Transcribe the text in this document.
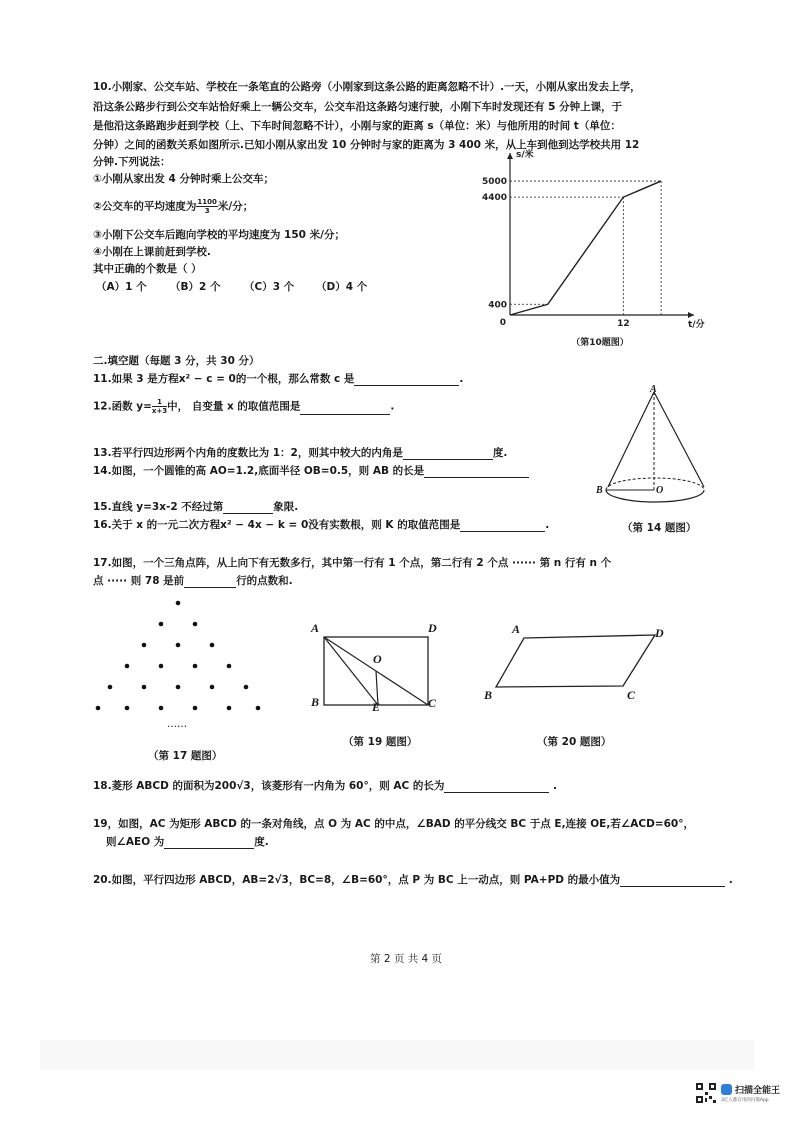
10.小刚家、公交车站、学校在一条笔直的公路旁（小刚家到这条公路的距离忽略不计）.一天，小刚从家出发去上学，
沿这条公路步行到公交车站恰好乘上一辆公交车，公交车沿这条路匀速行驶，小刚下车时发现还有 5 分钟上课，于
是他沿这条路跑步赶到学校（上、下车时间忽略不计），小刚与家的距离 s（单位：米）与他所用的时间 t（单位：
分钟）之间的函数关系如图所示.已知小刚从家出发 10 分钟时与家的距离为 3 400 米，从上车到他到达学校共用 12
分钟.下列说法：
①小刚从家出发 4 分钟时乘上公交车；
②公交车的平均速度为 $\frac{1100}{3}$ 米/分；
③小刚下公交车后跑向学校的平均速度为 150 米/分；
④小刚在上课前赶到学校.
其中正确的个数是（ ）
（A）1 个 （B）2 个 （C）3 个 （D）4 个
s/米
t/分
0
400
4400
5000
12
（第10题图）
二.填空题（每题 3 分，共 30 分）
11.如果 3 是方程x² − c = 0的一个根，那么常数 c 是	.
12.函数 $y= \frac{1}{x+3}$ 中， 自变量 x 的取值范围是	.
13.若平行四边形两个内角的度数比为 1：2，则其中较大的内角是	度.
14.如图，一个圆锥的高 AO=1.2,底面半径 OB=0.5，则 AB 的长是
15.直线 y=3x-2 不经过第	象限.
16.关于 x 的一元二次方程x² − 4x − k = 0没有实数根，则 K 的取值范围是	.	（第 14 题图）
A
B	O
17.如图，一个三角点阵，从上向下有无数多行，其中第一行有 1 个点，第二行有 2 个点 ······ 第 n 行有 n 个
点 ····· 则 78 是前	行的点数和.
······
（第 17 题图）
A	D
O
B	E	C
（第 19 题图）
A	D
B	C
（第 20 题图）
18.菱形 ABCD 的面积为200√3，该菱形有一内角为 60°，则 AC 的长为	.
19，如图，AC 为矩形 ABCD 的一条对角线，点 O 为 AC 的中点，∠BAD 的平分线交 BC 于点 E,连接 OE,若∠ACD=60°，
则∠AEO 为	度.
20.如图，平行四边形 ABCD，AB=2√3，BC=8，∠B=60°，点 P 为 BC 上一动点，则 PA+PD 的最小值为	.
第 2 页 共 4 页
扫描全能王
3亿人都在用的扫描App
